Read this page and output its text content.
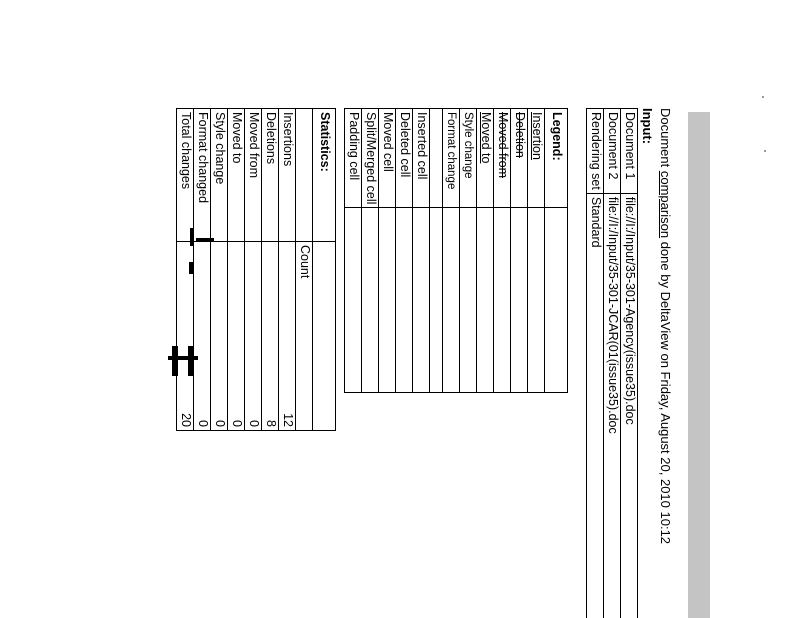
Document comparison done by DeltaView on Friday, August 20, 2010 10:12
Input:
Document 1	file://I:/Input/35-301-Agency(issue35).doc
Document 2	file://I:/Input/35-301-JCAR(01(issue35).doc
Rendering set	Standard
Legend:	
Insertion	
Deletion	
Moved from	
Moved to	
Style change	
Format change	

Inserted cell	
Deleted cell	
Moved cell	
Split/Merged cell	
Padding cell	
Statistics:	
	Count
Insertions	12
Deletions	8
Moved from	0
Moved to	0
Style change	0
Format changed	0
Total changes	20
